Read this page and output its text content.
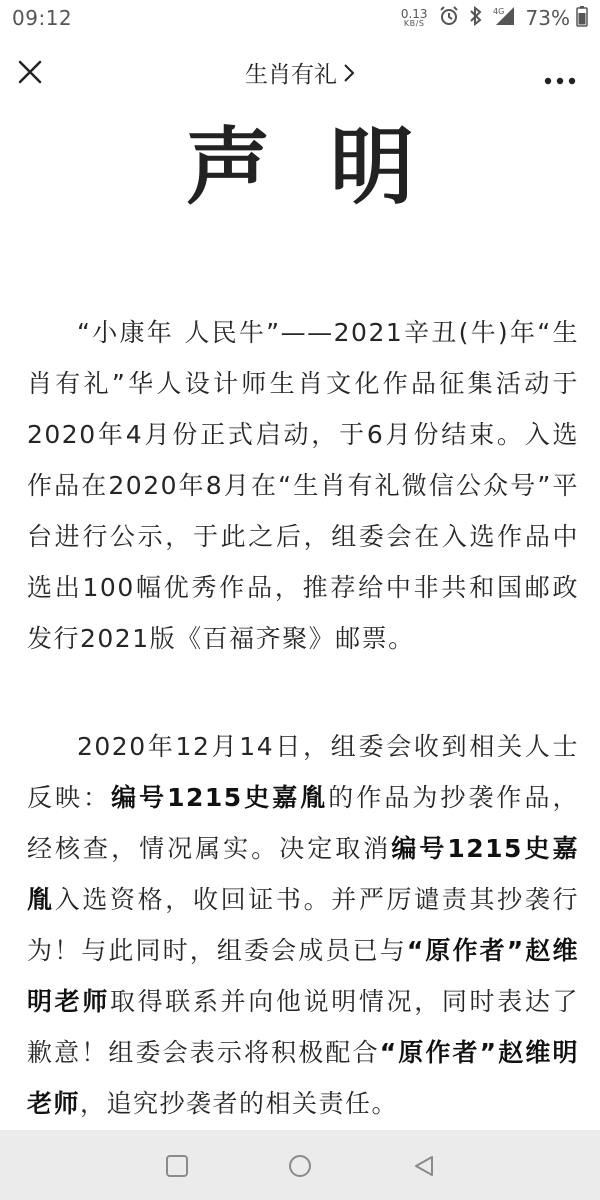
09:12	0.13
KB/S
4G 73%
生肖有礼
声明

“小康年 人民牛”——2021辛丑(牛)年“生肖有礼”华人设计师生肖文化作品征集活动于2020年4月份正式启动，于6月份结束。入选作品在2020年8月在“生肖有礼微信公众号”平台进行公示，于此之后，组委会在入选作品中选出100幅优秀作品，推荐给中非共和国邮政发行2021版《百福齐聚》邮票。

2020年12月14日，组委会收到相关人士反映：编号1215史嘉胤的作品为抄袭作品，经核查，情况属实。决定取消编号1215史嘉胤入选资格，收回证书。并严厉谴责其抄袭行为！与此同时，组委会成员已与“原作者”赵维明老师取得联系并向他说明情况，同时表达了歉意！组委会表示将积极配合“原作者”赵维明老师，追究抄袭者的相关责任。
